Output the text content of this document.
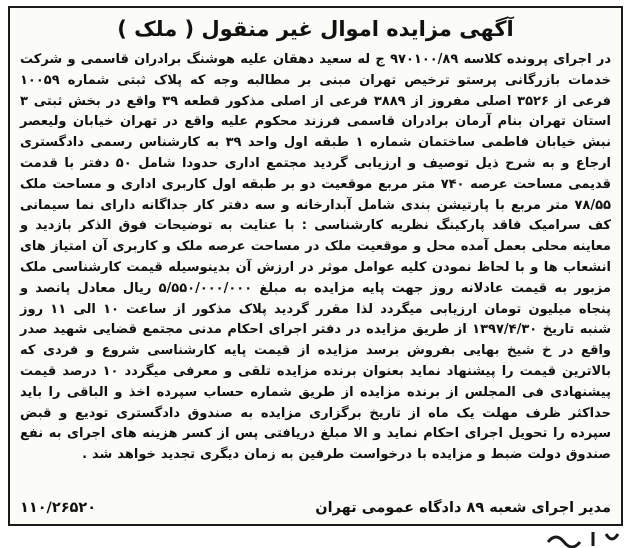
آگهی مزایده اموال غیر منقول ( ملک )

در اجرای پرونده کلاسه ۹۷۰۱۰۰/۸۹ ج له سعید دهقان علیه هوشنگ برادران قاسمی و شرکت خدمات بازرگانی پرستو ترخیص تهران مبنی بر مطالبه وجه که پلاک ثبتی شماره ۱۰۰۵۹ فرعی از ۳۵۲۶ اصلی مفروز از ۳۸۸۹ فرعی از اصلی مذکور قطعه ۳۹ واقع در بخش ثبتی ۳ استان تهران بنام آرمان برادران قاسمی فرزند محکوم علیه واقع در تهران خیابان ولیعصر نبش خیابان فاطمی ساختمان شماره ۱ طبقه اول واحد ۳۹ به کارشناس رسمی دادگستری ارجاع و به شرح ذیل توصیف و ارزیابی گردید مجتمع اداری حدودا شامل ۵۰ دفتر با قدمت قدیمی مساحت عرصه ۷۴۰ متر مربع موقعیت دو بر طبقه اول کاربری اداری و مساحت ملک ۷۸/۵۵ متر مربع با پارتیشن بندی شامل آبدارخانه و سه دفتر کار جداگانه دارای نما سیمانی کف سرامیک فاقد پارکینگ نظریه کارشناسی : با عنایت به توضیحات فوق الذکر بازدید و معاینه محلی بعمل آمده محل و موقعیت ملک در مساحت عرصه ملک و کاربری آن امتیاز های انشعاب ها و با لحاظ نمودن کلیه عوامل موثر در ارزش آن بدینوسیله قیمت کارشناسی ملک مزبور به قیمت عادلانه روز جهت پایه مزایده به مبلغ ۵/۵۵۰/۰۰۰/۰۰۰ ریال معادل پانصد و پنجاه میلیون تومان ارزیابی میگردد لذا مقرر گردید پلاک مذکور از ساعت ۱۰ الی ۱۱ روز شنبه تاریخ ۱۳۹۷/۴/۳۰ از طریق مزایده در دفتر اجرای احکام مدنی مجتمع قضایی شهید صدر واقع در خ شیخ بهایی بفروش برسد مزایده از قیمت پایه کارشناسی شروع و فردی که بالاترین قیمت را پیشنهاد نماید بعنوان برنده مزایده تلقی و معرفی میگردد ۱۰ درصد قیمت پیشنهادی فی المجلس از برنده مزایده از طریق شماره حساب سپرده اخذ و الباقی را باید حداکثر ظرف مهلت یک ماه از تاریخ برگزاری مزایده به صندوق دادگستری تودیع و قبض سپرده را تحویل اجرای احکام نماید و الا مبلغ دریافتی پس از کسر هزینه های اجرای به نفع صندوق دولت ضبط و مزایده با درخواست طرفین به زمان دیگری تجدید خواهد شد .

مدیر اجرای شعبه ۸۹ دادگاه عمومی تهران
۱۱۰/۲۶۵۲۰
